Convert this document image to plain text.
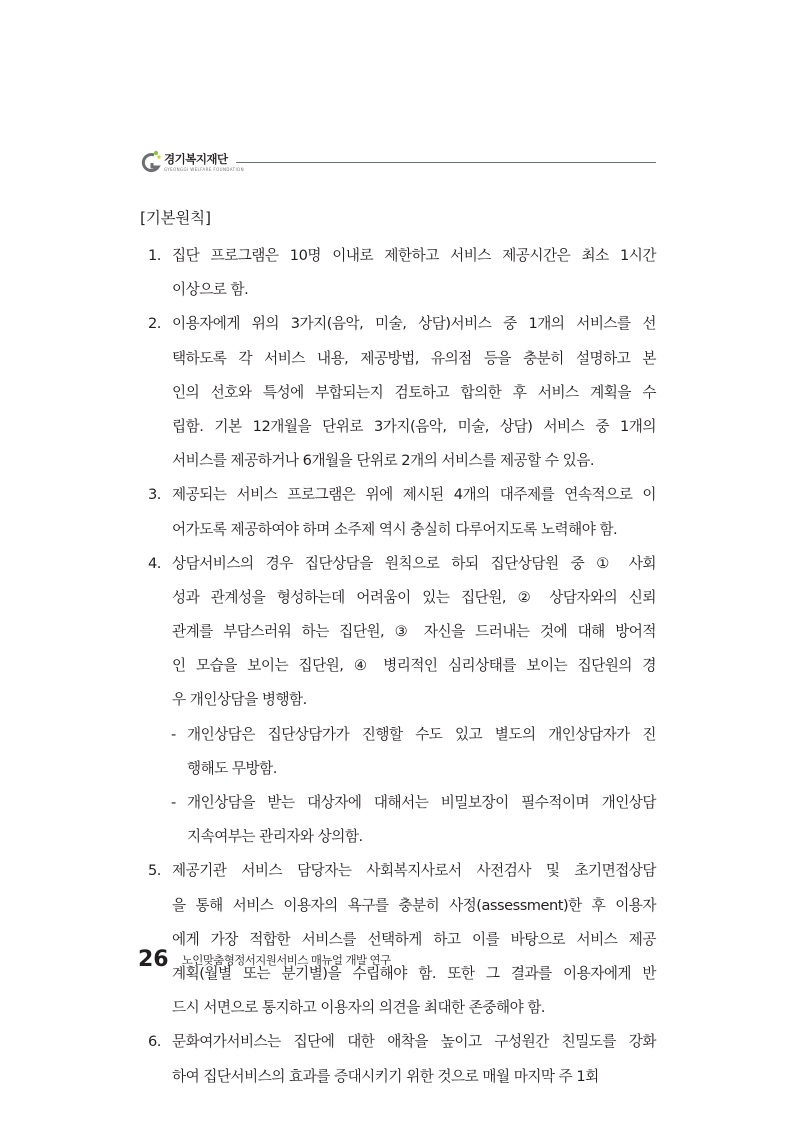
경기복지재단
GYEONGGI WELFARE FOUNDATION
[기본원칙]
1. 집단 프로그램은 10명 이내로 제한하고 서비스 제공시간은 최소 1시간
이상으로 함.
2. 이용자에게 위의 3가지(음악, 미술, 상담)서비스 중 1개의 서비스를 선
택하도록 각 서비스 내용, 제공방법, 유의점 등을 충분히 설명하고 본
인의 선호와 특성에 부합되는지 검토하고 합의한 후 서비스 계획을 수
립함. 기본 12개월을 단위로 3가지(음악, 미술, 상담) 서비스 중 1개의
서비스를 제공하거나 6개월을 단위로 2개의 서비스를 제공할 수 있음.
3. 제공되는 서비스 프로그램은 위에 제시된 4개의 대주제를 연속적으로 이
어가도록 제공하여야 하며 소주제 역시 충실히 다루어지도록 노력해야 함.
4. 상담서비스의 경우 집단상담을 원칙으로 하되 집단상담원 중 ① 사회
성과 관계성을 형성하는데 어려움이 있는 집단원, ② 상담자와의 신뢰
관계를 부담스러워 하는 집단원, ③ 자신을 드러내는 것에 대해 방어적
인 모습을 보이는 집단원, ④ 병리적인 심리상태를 보이는 집단원의 경
우 개인상담을 병행함.
- 개인상담은 집단상담가가 진행할 수도 있고 별도의 개인상담자가 진
행해도 무방함.
- 개인상담을 받는 대상자에 대해서는 비밀보장이 필수적이며 개인상담
지속여부는 관리자와 상의함.
5. 제공기관 서비스 담당자는 사회복지사로서 사전검사 및 초기면접상담
을 통해 서비스 이용자의 욕구를 충분히 사정(assessment)한 후 이용자
에게 가장 적합한 서비스를 선택하게 하고 이를 바탕으로 서비스 제공
계획(월별 또는 분기별)을 수립해야 함. 또한 그 결과를 이용자에게 반
드시 서면으로 통지하고 이용자의 의견을 최대한 존중해야 함.
6. 문화여가서비스는 집단에 대한 애착을 높이고 구성원간 친밀도를 강화
하여 집단서비스의 효과를 증대시키기 위한 것으로 매월 마지막 주 1회
26 노인맞춤형정서지원서비스 매뉴얼 개발 연구
